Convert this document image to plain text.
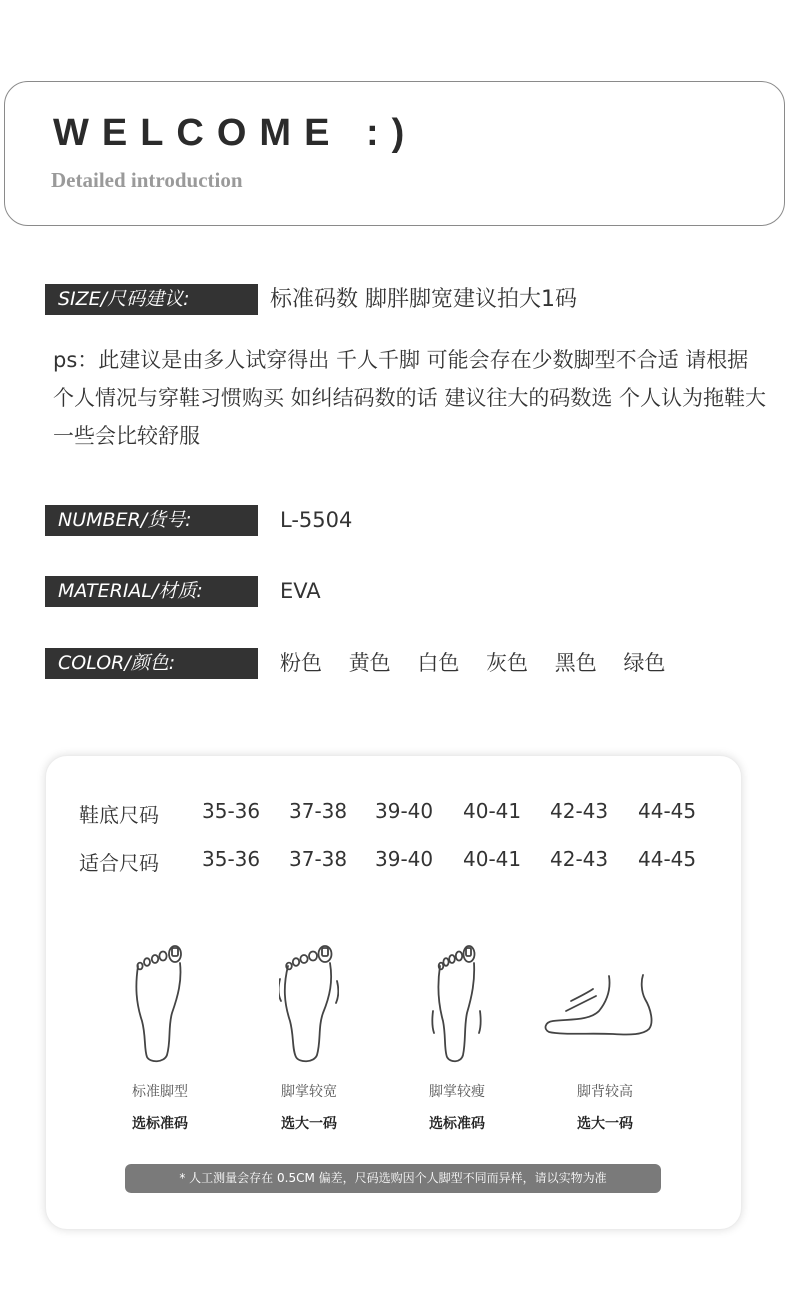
WELCOME :)
Detailed introduction
SIZE/尺码建议:	标准码数 脚胖脚宽建议拍大1码
ps：此建议是由多人试穿得出 千人千脚 可能会存在少数脚型不合适 请根据个人情况与穿鞋习惯购买 如纠结码数的话 建议往大的码数选 个人认为拖鞋大一些会比较舒服
NUMBER/货号:	L-5504
MATERIAL/材质:	EVA
COLOR/颜色:	粉色 黄色 白色 灰色 黑色 绿色
鞋底尺码 35-36 37-38 39-40 40-41 42-43 44-45
适合尺码 35-36 37-38 39-40 40-41 42-43 44-45
标准脚型
选标准码
脚掌较宽
选大一码
脚掌较瘦
选标准码
脚背较高
选大一码
* 人工测量会存在 0.5CM 偏差，尺码选购因个人脚型不同而异样，请以实物为准
